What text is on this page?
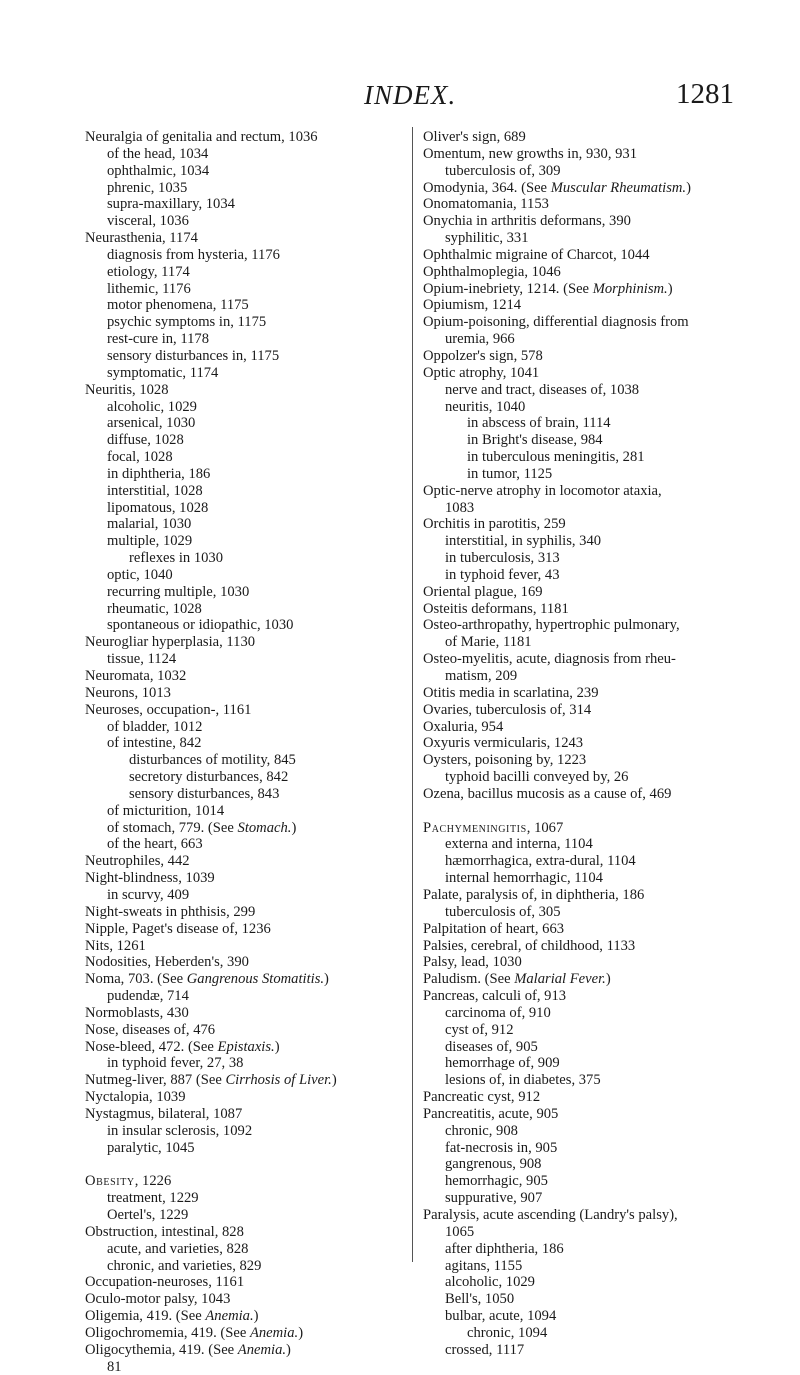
INDEX.	1281
Neuralgia of genitalia and rectum, 1036
of the head, 1034
ophthalmic, 1034
phrenic, 1035
supra-maxillary, 1034
visceral, 1036
Neurasthenia, 1174
diagnosis from hysteria, 1176
etiology, 1174
lithemic, 1176
motor phenomena, 1175
psychic symptoms in, 1175
rest-cure in, 1178
sensory disturbances in, 1175
symptomatic, 1174
Neuritis, 1028
alcoholic, 1029
arsenical, 1030
diffuse, 1028
focal, 1028
in diphtheria, 186
interstitial, 1028
lipomatous, 1028
malarial, 1030
multiple, 1029
reflexes in 1030
optic, 1040
recurring multiple, 1030
rheumatic, 1028
spontaneous or idiopathic, 1030
Neurogliar hyperplasia, 1130
tissue, 1124
Neuromata, 1032
Neurons, 1013
Neuroses, occupation-, 1161
of bladder, 1012
of intestine, 842
disturbances of motility, 845
secretory disturbances, 842
sensory disturbances, 843
of micturition, 1014
of stomach, 779. (See Stomach.)
of the heart, 663
Neutrophiles, 442
Night-blindness, 1039
in scurvy, 409
Night-sweats in phthisis, 299
Nipple, Paget's disease of, 1236
Nits, 1261
Nodosities, Heberden's, 390
Noma, 703. (See Gangrenous Stomatitis.)
pudendæ, 714
Normoblasts, 430
Nose, diseases of, 476
Nose-bleed, 472. (See Epistaxis.)
in typhoid fever, 27, 38
Nutmeg-liver, 887 (See Cirrhosis of Liver.)
Nyctalopia, 1039
Nystagmus, bilateral, 1087
in insular sclerosis, 1092
paralytic, 1045
Obesity, 1226
treatment, 1229
Oertel's, 1229
Obstruction, intestinal, 828
acute, and varieties, 828
chronic, and varieties, 829
Occupation-neuroses, 1161
Oculo-motor palsy, 1043
Oligemia, 419. (See Anemia.)
Oligochromemia, 419. (See Anemia.)
Oligocythemia, 419. (See Anemia.)
81
Oliver's sign, 689
Omentum, new growths in, 930, 931
tuberculosis of, 309
Omodynia, 364. (See Muscular Rheumatism.)
Onomatomania, 1153
Onychia in arthritis deformans, 390
syphilitic, 331
Ophthalmic migraine of Charcot, 1044
Ophthalmoplegia, 1046
Opium-inebriety, 1214. (See Morphinism.)
Opiumism, 1214
Opium-poisoning, differential diagnosis from
uremia, 966
Oppolzer's sign, 578
Optic atrophy, 1041
nerve and tract, diseases of, 1038
neuritis, 1040
in abscess of brain, 1114
in Bright's disease, 984
in tuberculous meningitis, 281
in tumor, 1125
Optic-nerve atrophy in locomotor ataxia,
1083
Orchitis in parotitis, 259
interstitial, in syphilis, 340
in tuberculosis, 313
in typhoid fever, 43
Oriental plague, 169
Osteitis deformans, 1181
Osteo-arthropathy, hypertrophic pulmonary,
of Marie, 1181
Osteo-myelitis, acute, diagnosis from rheu-
matism, 209
Otitis media in scarlatina, 239
Ovaries, tuberculosis of, 314
Oxaluria, 954
Oxyuris vermicularis, 1243
Oysters, poisoning by, 1223
typhoid bacilli conveyed by, 26
Ozena, bacillus mucosis as a cause of, 469
Pachymeningitis, 1067
externa and interna, 1104
hæmorrhagica, extra-dural, 1104
internal hemorrhagic, 1104
Palate, paralysis of, in diphtheria, 186
tuberculosis of, 305
Palpitation of heart, 663
Palsies, cerebral, of childhood, 1133
Palsy, lead, 1030
Paludism. (See Malarial Fever.)
Pancreas, calculi of, 913
carcinoma of, 910
cyst of, 912
diseases of, 905
hemorrhage of, 909
lesions of, in diabetes, 375
Pancreatic cyst, 912
Pancreatitis, acute, 905
chronic, 908
fat-necrosis in, 905
gangrenous, 908
hemorrhagic, 905
suppurative, 907
Paralysis, acute ascending (Landry's palsy),
1065
after diphtheria, 186
agitans, 1155
alcoholic, 1029
Bell's, 1050
bulbar, acute, 1094
chronic, 1094
crossed, 1117
